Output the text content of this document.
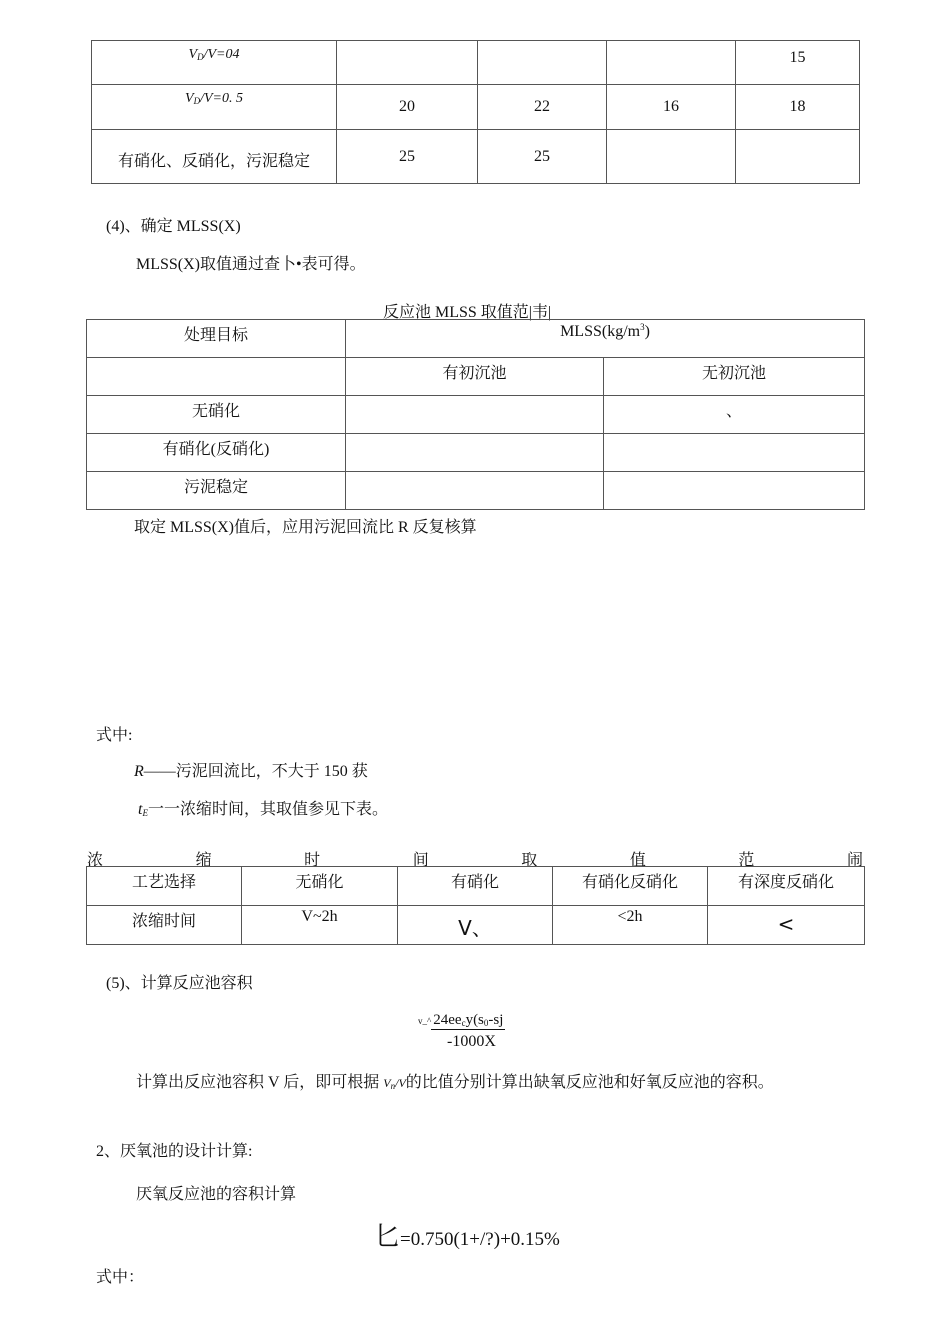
$V_D/V=04$				15
$V_D/V=0$. 5	20	22	16	18
有硝化、反硝化，污泥稳定	25	25		
(4)、确定 MLSS(X)
MLSS(X)取值通过查卜•表可得。
反应池 MLSS 取值范|韦|
处理目标	$MLSS(kg/m^3)$	
	有初沉池	无初沉池
无硝化		、
有硝化(反硝化)		
污泥稳定		
取定 MLSS(X)值后，应用污泥回流比 R 反复核算
式中:
R——污泥回流比，不大于 150 获
$t_E$一一浓缩时间，其取值参见下表。
浓	缩	时	间	取	值	范	闹
工艺选择	无硝化	有硝化	有硝化反硝化	有深度反硝化
浓缩时间	V~2h	V、	<2h	<
(5)、计算反应池容积
v_^ $24ee_cy(s_0-sj$
-1000X
计算出反应池容积 V 后，即可根据 $V_n/V$的比值分别计算出缺氧反应池和好氧反应池的容积。
2、厌氧池的设计计算:
厌氧反应池的容积计算
匕=0.750(1+/?)+0.15%
式中：
